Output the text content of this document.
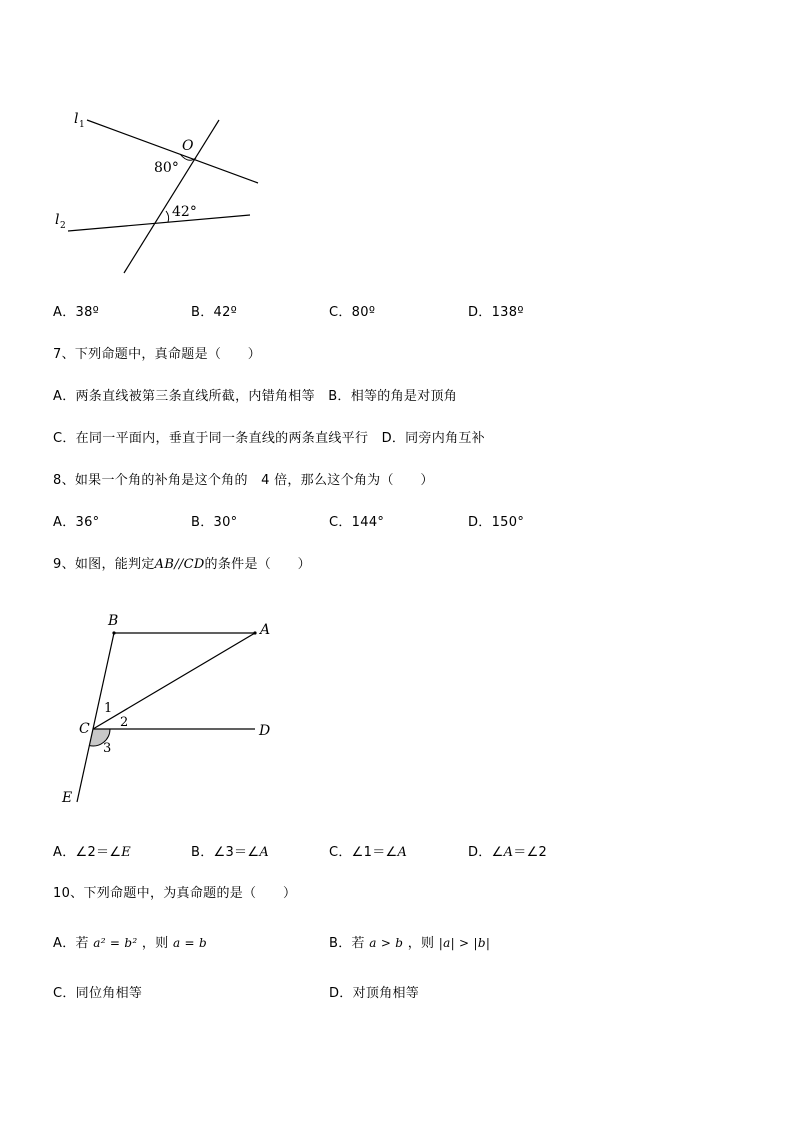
l 1
l 2
O
80°
42°
A．38º	B．42º	C．80º	D．138º
7、下列命题中，真命题是（　　）
A．两条直线被第三条直线所截，内错角相等　B．相等的角是对顶角
C．在同一平面内，垂直于同一条直线的两条直线平行　D．同旁内角互补
8、如果一个角的补角是这个角的　4 倍，那么这个角为（　　）
A．36°	B．30°	C．144°	D．150°
9、如图，能判定AB//CD的条件是（　　）
B
A
C	D
E
1
2
3
A．∠2＝∠E	B．∠3＝∠A	C．∠1＝∠A	D．∠A＝∠2
10、下列命题中，为真命题的是（　　）
A．若 a² = b² ，则 a = b	B．若 a > b ，则 |a| > |b|
C．同位角相等	D．对顶角相等
